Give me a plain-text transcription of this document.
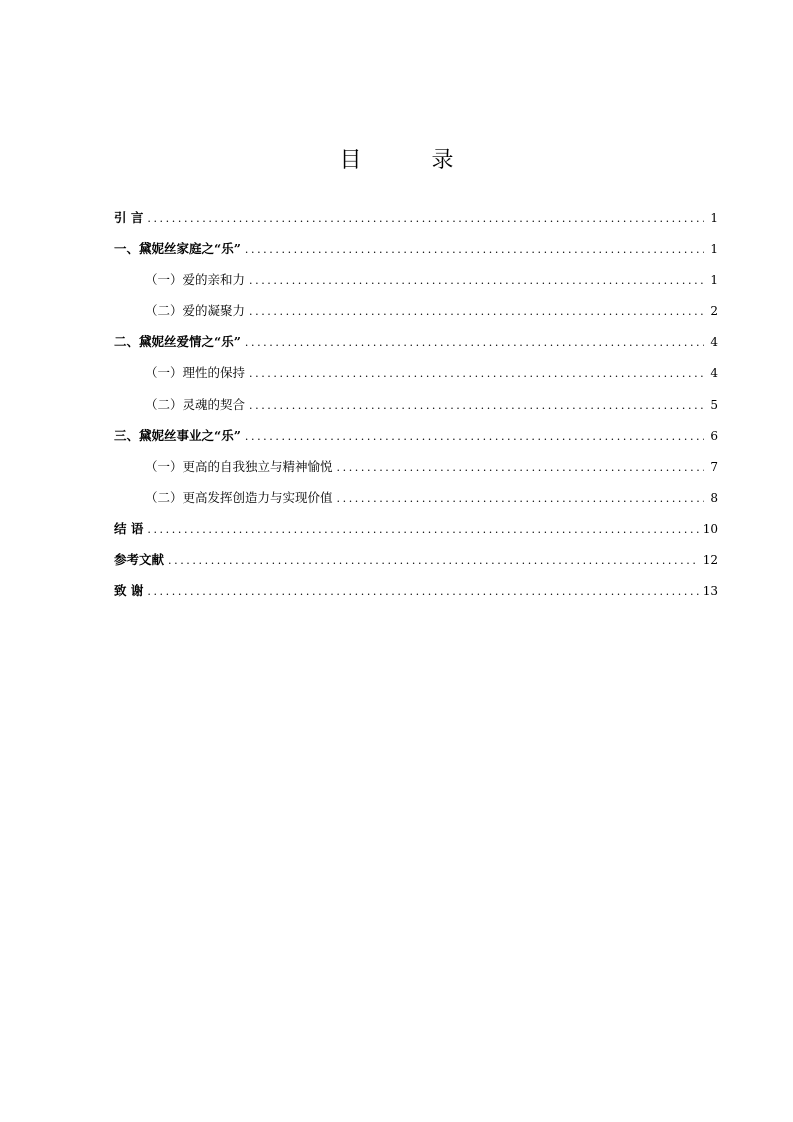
目　录
引 言 .....	1
一、黛妮丝家庭之“乐” .....	1
（一）爱的亲和力 .....	1
（二）爱的凝聚力 .....	2
二、黛妮丝爱情之“乐” .....	4
（一）理性的保持 .....	4
（二）灵魂的契合 .....	5
三、黛妮丝事业之“乐” .....	6
（一）更高的自我独立与精神愉悦 .....	7
（二）更高发挥创造力与实现价值 .....	8
结 语 .....	10
参考文献 .....	12
致 谢 .....	13
